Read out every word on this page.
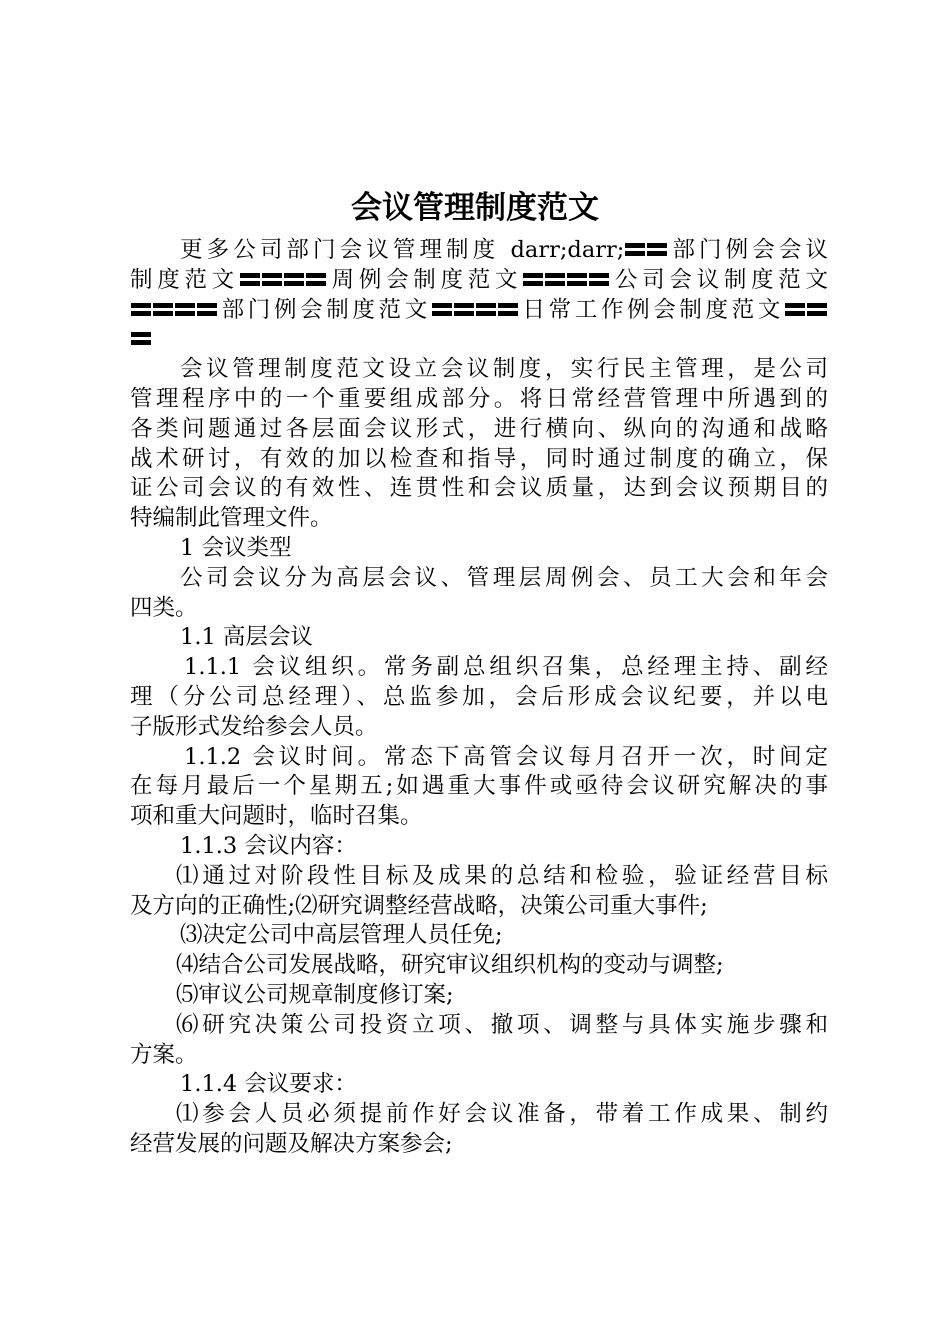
会议管理制度范文
更多公司部门会议管理制度 darr;darr; 部门例会会议
制度范文	周例会制度范文	公司会议制度范文
部门例会制度范文	日常工作例会制度范文
会议管理制度范文设立会议制度，实行民主管理，是公司
管理程序中的一个重要组成部分。将日常经营管理中所遇到的
各类问题通过各层面会议形式，进行横向、纵向的沟通和战略
战术研讨，有效的加以检查和指导，同时通过制度的确立，保
证公司会议的有效性、连贯性和会议质量，达到会议预期目的
特编制此管理文件。
1 会议类型
公司会议分为高层会议、管理层周例会、员工大会和年会
四类。
1.1 高层会议
1.1.1 会议组织。常务副总组织召集，总经理主持、副经
理（分公司总经理）、总监参加，会后形成会议纪要，并以电
子版形式发给参会人员。
1.1.2 会议时间。常态下高管会议每月召开一次，时间定
在每月最后一个星期五;如遇重大事件或亟待会议研究解决的事
项和重大问题时，临时召集。
1.1.3 会议内容：
⑴通过对阶段性目标及成果的总结和检验，验证经营目标
及方向的正确性;⑵研究调整经营战略，决策公司重大事件;
⑶决定公司中高层管理人员任免;
⑷结合公司发展战略，研究审议组织机构的变动与调整;
⑸审议公司规章制度修订案;
⑹研究决策公司投资立项、撤项、调整与具体实施步骤和
方案。
1.1.4 会议要求：
⑴参会人员必须提前作好会议准备，带着工作成果、制约
经营发展的问题及解决方案参会;
